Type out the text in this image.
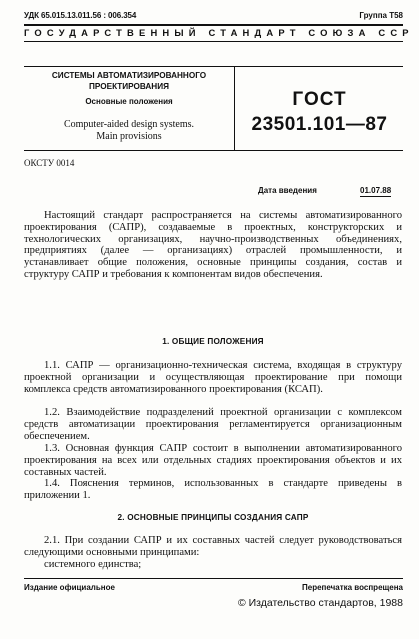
УДК 65.015.13.011.56 : 006.354	Группа Т58
ГОСУДАРСТВЕННЫЙ СТАНДАРТ СОЮЗА ССР
СИСТЕМЫ АВТОМАТИЗИРОВАННОГО
ПРОЕКТИРОВАНИЯ
Основные положения
Computer-aided design systems.
Main provisions
ГОСТ
23501.101—87
ОКСТУ 0014
Дата введения	01.07.88

Настоящий стандарт распространяется на системы автоматизированного проектирования (САПР), создаваемые в проектных, конструкторских и технологических организациях, научно-производственных объединениях, предприятиях (далее — организациях) отраслей промышленности, и устанавливает общие положения, основные принципы создания, состав и структуру САПР и требования к компонентам видов обеспечения.

1. ОБЩИЕ ПОЛОЖЕНИЯ

1.1. САПР — организационно-техническая система, входящая в структуру проектной организации и осуществляющая проектирование при помощи комплекса средств автоматизированного проектирования (КСАП).

1.2. Взаимодействие подразделений проектной организации с комплексом средств автоматизации проектирования регламентируется организационным обеспечением.

1.3. Основная функция САПР состоит в выполнении автоматизированного проектирования на всех или отдельных стадиях проектирования объектов и их составных частей.

1.4. Пояснения терминов, использованных в стандарте приведены в приложении 1.

2. ОСНОВНЫЕ ПРИНЦИПЫ СОЗДАНИЯ САПР

2.1. При создании САПР и их составных частей следует руководствоваться следующими основными принципами:

системного единства;

Издание официальное	Перепечатка воспрещена
© Издательство стандартов, 1988
